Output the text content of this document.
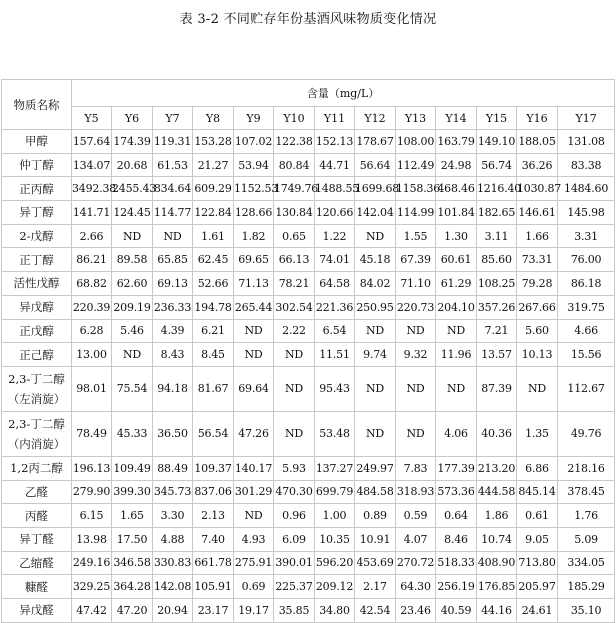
表 3-2 不同贮存年份基酒风味物质变化情况
物质名称	含量（mg/L）												
	Y5	Y6	Y7	Y8	Y9	Y10	Y11	Y12	Y13	Y14	Y15	Y16	Y17

甲醇	157.64	174.39	119.31	153.28	107.02	122.38	152.13	178.67	108.00	163.79	149.10	188.05	131.08

仲丁醇	134.07	20.68	61.53	21.27	53.94	80.84	44.71	56.64	112.49	24.98	56.74	36.26	83.38

正丙醇	3492.38	2455.43	834.64	609.29	1152.53	1749.76	1488.55	1699.68	1158.36	468.46	1216.40	1030.87	1484.60

异丁醇	141.71	124.45	114.77	122.84	128.66	130.84	120.66	142.04	114.99	101.84	182.65	146.61	145.98

2-戊醇	2.66	ND	ND	1.61	1.82	0.65	1.22	ND	1.55	1.30	3.11	1.66	3.31

正丁醇	86.21	89.58	65.85	62.45	69.65	66.13	74.01	45.18	67.39	60.61	85.60	73.31	76.00

活性戊醇	68.82	62.60	69.13	52.66	71.13	78.21	64.58	84.02	71.10	61.29	108.25	79.28	86.18

异戊醇	220.39	209.19	236.33	194.78	265.44	302.54	221.36	250.95	220.73	204.10	357.26	267.66	319.75

正戊醇	6.28	5.46	4.39	6.21	ND	2.22	6.54	ND	ND	ND	7.21	5.60	4.66

正己醇	13.00	ND	8.43	8.45	ND	ND	11.51	9.74	9.32	11.96	13.57	10.13	15.56

2,3-丁二醇
（左消旋）	98.01	75.54	94.18	81.67	69.64	ND	95.43	ND	ND	ND	87.39	ND	112.67

2,3-丁二醇
（内消旋）	78.49	45.33	36.50	56.54	47.26	ND	53.48	ND	ND	4.06	40.36	1.35	49.76

1,2丙二醇	196.13	109.49	88.49	109.37	140.17	5.93	137.27	249.97	7.83	177.39	213.20	6.86	218.16

乙醛	279.90	399.30	345.73	837.06	301.29	470.30	699.79	484.58	318.93	573.36	444.58	845.14	378.45

丙醛	6.15	1.65	3.30	2.13	ND	0.96	1.00	0.89	0.59	0.64	1.86	0.61	1.76

异丁醛	13.98	17.50	4.88	7.40	4.93	6.09	10.35	10.91	4.07	8.46	10.74	9.05	5.09

乙缩醛	249.16	346.58	330.83	661.78	275.91	390.01	596.20	453.69	270.72	518.33	408.90	713.80	334.05

糠醛	329.25	364.28	142.08	105.91	0.69	225.37	209.12	2.17	64.30	256.19	176.85	205.97	185.29

异戊醛	47.42	47.20	20.94	23.17	19.17	35.85	34.80	42.54	23.46	40.59	44.16	24.61	35.10
